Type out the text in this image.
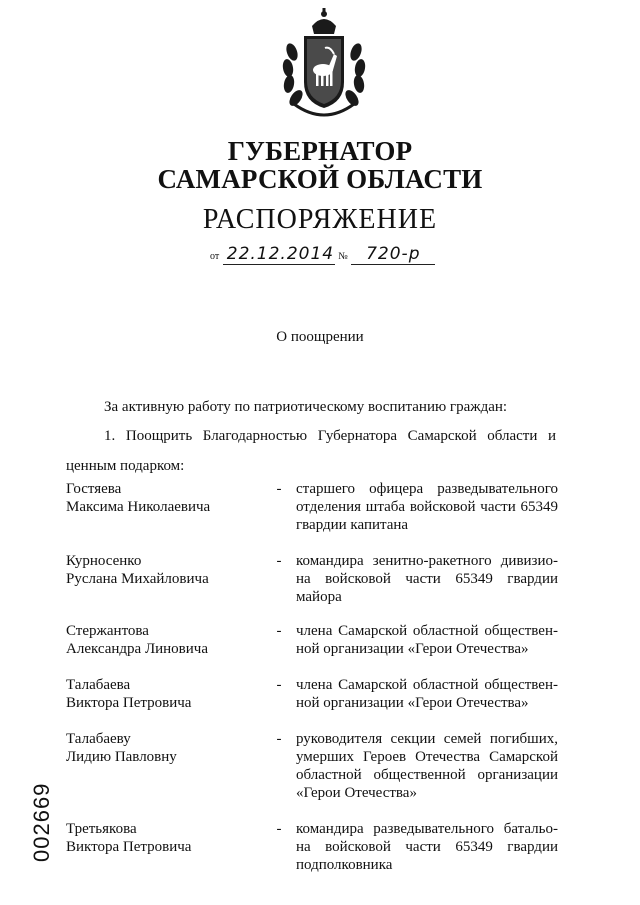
ГУБЕРНАТОР
САМАРСКОЙ ОБЛАСТИ
РАСПОРЯЖЕНИЕ
от 22.12.2014 № 720-р
О поощрении
За активную работу по патриотическому воспитанию граждан:
1. Поощрить Благодарностью Губернатора Самарской области и
ценным подарком:
Гостяева
Максима Николаевича
- старшего офицера разведывательного
отделения штаба войсковой части 65349
гвардии капитана
Курносенко
Руслана Михайловича
- командира зенитно-ракетного дивизио-
на войсковой части 65349 гвардии
майора
Стержантова
Александра Линовича
- члена Самарской областной обществен-
ной организации «Герои Отечества»
Талабаева
Виктора Петровича
- члена Самарской областной обществен-
ной организации «Герои Отечества»
Талабаеву
Лидию Павловну
- руководителя секции семей погибших,
умерших Героев Отечества Самарской
областной общественной организации
«Герои Отечества»
Третьякова
Виктора Петровича
- командира разведывательного батальо-
на войсковой части 65349 гвардии
подполковника
002669
